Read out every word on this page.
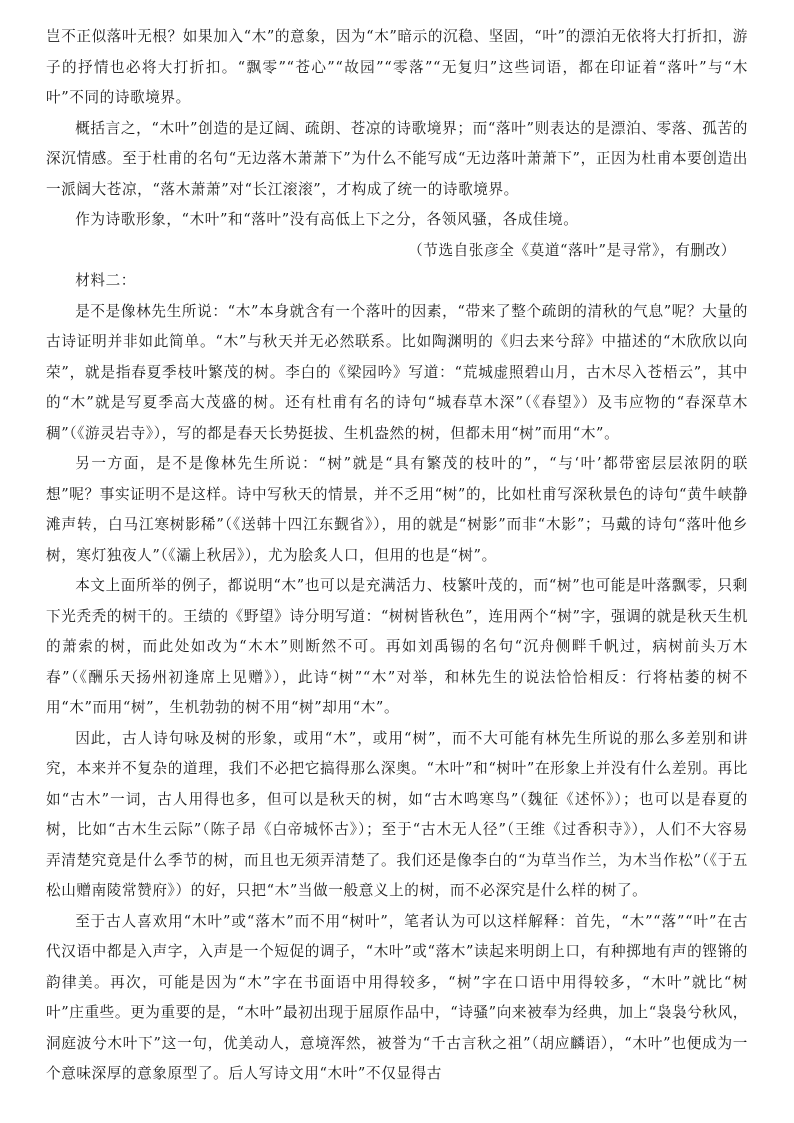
岂不正似落叶无根？如果加入“木”的意象，因为“木”暗示的沉稳、坚固，“叶”的漂泊无依将大打折扣，游子的抒情也必将大打折扣。“飘零”“苍心”“故园”“零落”“无复归”这些词语，都在印证着“落叶”与“木叶”不同的诗歌境界。

概括言之，“木叶”创造的是辽阔、疏朗、苍凉的诗歌境界；而“落叶”则表达的是漂泊、零落、孤苦的深沉情感。至于杜甫的名句“无边落木萧萧下”为什么不能写成“无边落叶萧萧下”，正因为杜甫本要创造出一派阔大苍凉，“落木萧萧”对“长江滚滚”，才构成了统一的诗歌境界。

作为诗歌形象，“木叶”和“落叶”没有高低上下之分，各领风骚，各成佳境。

（节选自张彦全《莫道“落叶”是寻常》，有删改）

材料二：

是不是像林先生所说：“木”本身就含有一个落叶的因素，“带来了整个疏朗的清秋的气息”呢？大量的古诗证明并非如此简单。“木”与秋天并无必然联系。比如陶渊明的《归去来兮辞》中描述的“木欣欣以向荣”，就是指春夏季枝叶繁茂的树。李白的《梁园吟》写道：“荒城虚照碧山月，古木尽入苍梧云”，其中的“木”就是写夏季高大茂盛的树。还有杜甫有名的诗句“城春草木深”（《春望》）及韦应物的“春深草木稠”（《游灵岩寺》），写的都是春天长势挺拔、生机盎然的树，但都未用“树”而用“木”。

另一方面，是不是像林先生所说：“树”就是“具有繁茂的枝叶的”，“与‘叶’都带密层层浓阴的联想”呢？事实证明不是这样。诗中写秋天的情景，并不乏用“树”的，比如杜甫写深秋景色的诗句“黄牛峡静滩声转，白马江寒树影稀”（《送韩十四江东觐省》），用的就是“树影”而非“木影”；马戴的诗句“落叶他乡树，寒灯独夜人”（《灞上秋居》），尤为脍炙人口，但用的也是“树”。

本文上面所举的例子，都说明“木”也可以是充满活力、枝繁叶茂的，而“树”也可能是叶落飘零，只剩下光秃秃的树干的。王绩的《野望》诗分明写道：“树树皆秋色”，连用两个“树”字，强调的就是秋天生机的萧索的树，而此处如改为“木木”则断然不可。再如刘禹锡的名句“沉舟侧畔千帆过，病树前头万木春”（《酬乐天扬州初逢席上见赠》），此诗“树”“木”对举，和林先生的说法恰恰相反：行将枯萎的树不用“木”而用“树”，生机勃勃的树不用“树”却用“木”。

因此，古人诗句咏及树的形象，或用“木”，或用“树”，而不大可能有林先生所说的那么多差别和讲究，本来并不复杂的道理，我们不必把它搞得那么深奥。“木叶”和“树叶”在形象上并没有什么差别。再比如“古木”一词，古人用得也多，但可以是秋天的树，如“古木鸣寒鸟”（魏征《述怀》）；也可以是春夏的树，比如“古木生云际”（陈子昂《白帝城怀古》）；至于“古木无人径”（王维《过香积寺》），人们不大容易弄清楚究竟是什么季节的树，而且也无须弄清楚了。我们还是像李白的“为草当作兰，为木当作松”（《于五松山赠南陵常赞府》）的好，只把“木”当做一般意义上的树，而不必深究是什么样的树了。

至于古人喜欢用“木叶”或“落木”而不用“树叶”，笔者认为可以这样解释：首先，“木”“落”“叶”在古代汉语中都是入声字，入声是一个短促的调子，“木叶”或“落木”读起来明朗上口，有种掷地有声的铿锵的韵律美。再次，可能是因为“木”字在书面语中用得较多，“树”字在口语中用得较多，“木叶”就比“树叶”庄重些。更为重要的是，“木叶”最初出现于屈原作品中，“诗骚”向来被奉为经典，加上“袅袅兮秋风，洞庭波兮木叶下”这一句，优美动人，意境浑然，被誉为“千古言秋之祖”（胡应麟语），“木叶”也便成为一个意味深厚的意象原型了。后人写诗文用“木叶”不仅显得古
